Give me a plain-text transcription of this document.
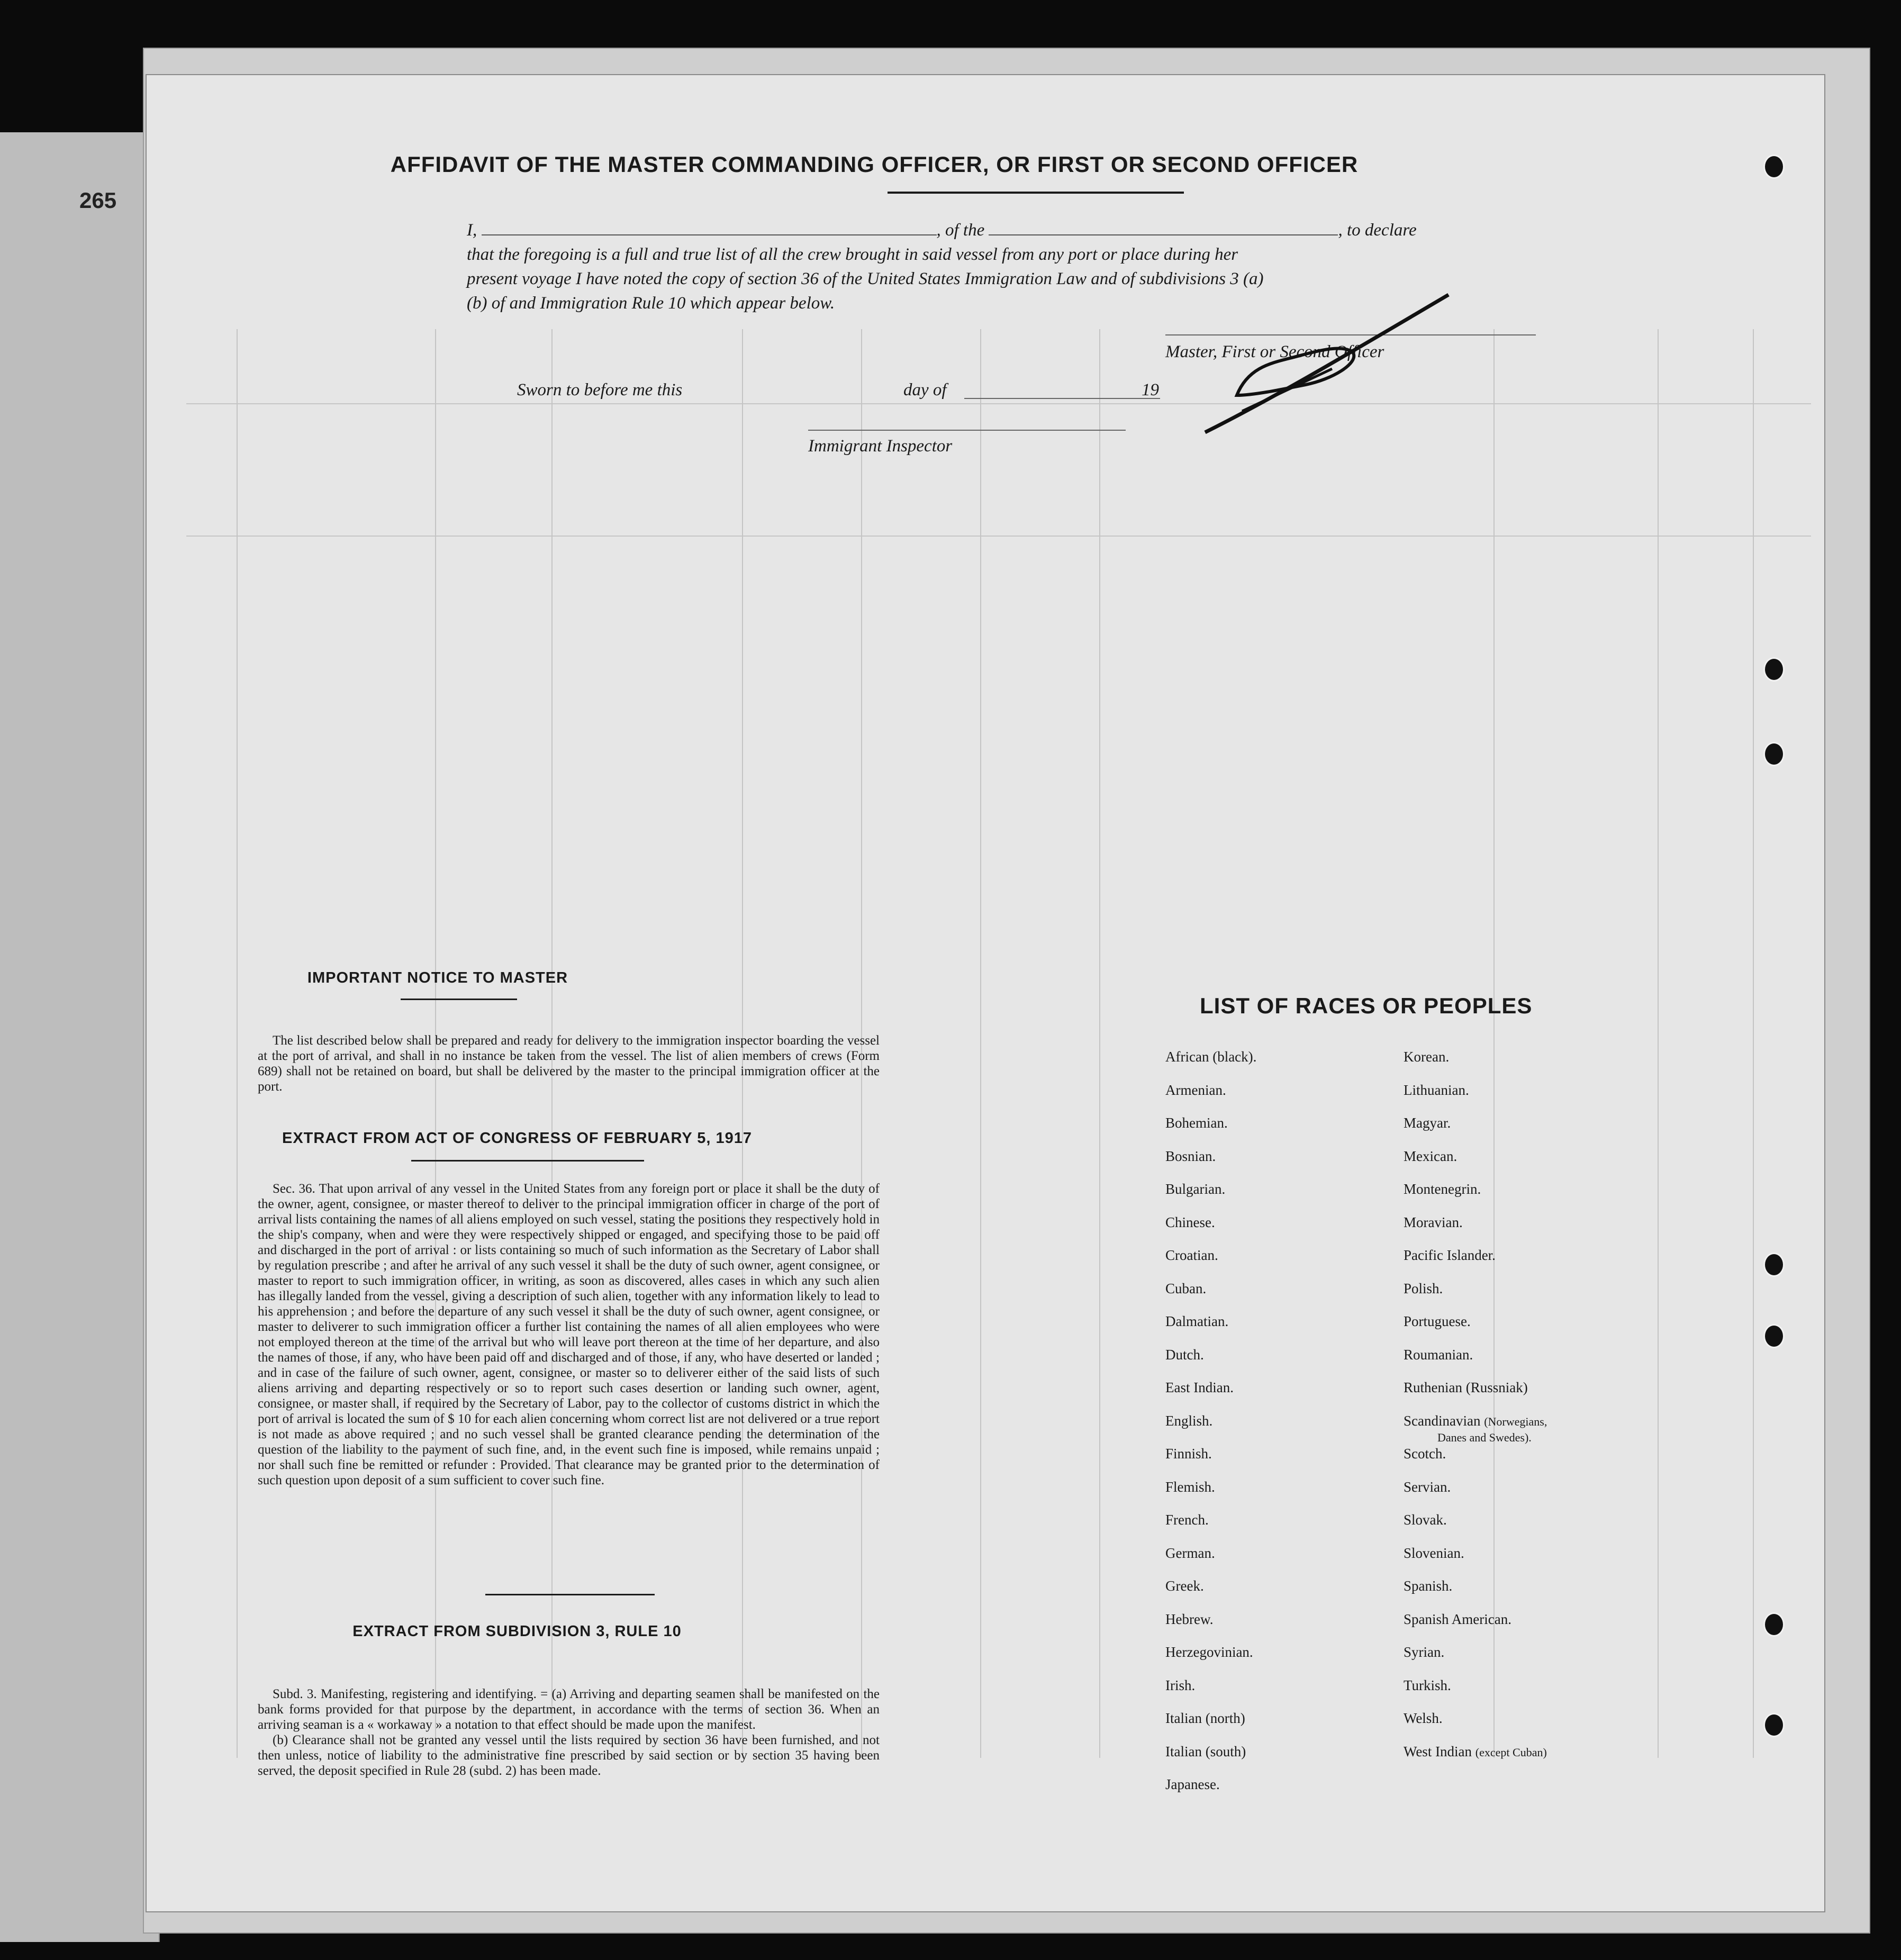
265
AFFIDAVIT OF THE MASTER COMMANDING OFFICER, OR FIRST OR SECOND OFFICER

I,	, of the	, to declare

that the foregoing is a full and true list of all the crew brought in said vessel from any port or place during her

present voyage I have noted the copy of section 36 of the United States Immigration Law and of subdivisions 3 (a)

(b) of and Immigration Rule 10 which appear below.

Master, First or Second Officer
Sworn to before me this	day of	19
Immigrant Inspector
IMPORTANT NOTICE TO MASTER

The list described below shall be prepared and ready for delivery to the immigration inspector boarding the vessel at the port of arrival, and shall in no instance be taken from the vessel. The list of alien members of crews (Form 689) shall not be retained on board, but shall be delivered by the master to the principal immigration officer at the port.

EXTRACT FROM ACT OF CONGRESS OF FEBRUARY 5, 1917

Sec. 36. That upon arrival of any vessel in the United States from any foreign port or place it shall be the duty of the owner, agent, consignee, or master thereof to deliver to the principal immigration officer in charge of the port of arrival lists containing the names of all aliens employed on such vessel, stating the positions they respectively hold in the ship's company, when and were they were respectively shipped or engaged, and specifying those to be paid off and discharged in the port of arrival : or lists containing so much of such information as the Secretary of Labor shall by regulation prescribe ; and after he arrival of any such vessel it shall be the duty of such owner, agent consignee, or master to report to such immigration officer, in writing, as soon as discovered, alles cases in which any such alien has illegally landed from the vessel, giving a description of such alien, together with any information likely to lead to his apprehension ; and before the departure of any such vessel it shall be the duty of such owner, agent consignee, or master to deliverer to such immigration officer a further list containing the names of all alien employees who were not employed thereon at the time of the arrival but who will leave port thereon at the time of her departure, and also the names of those, if any, who have been paid off and discharged and of those, if any, who have deserted or landed ; and in case of the failure of such owner, agent, consignee, or master so to deliverer either of the said lists of such aliens arriving and departing respectively or so to report such cases desertion or landing such owner, agent, consignee, or master shall, if required by the Secretary of Labor, pay to the collector of customs district in which the port of arrival is located the sum of $ 10 for each alien concerning whom correct list are not delivered or a true report is not made as above required ; and no such vessel shall be granted clearance pending the determination of the question of the liability to the payment of such fine, and, in the event such fine is imposed, while remains unpaid ; nor shall such fine be remitted or refunder : Provided. That clearance may be granted prior to the determination of such question upon deposit of a sum sufficient to cover such fine.

EXTRACT FROM SUBDIVISION 3, RULE 10

Subd. 3. Manifesting, registering and identifying. = (a) Arriving and departing seamen shall be manifested on the bank forms provided for that purpose by the department, in accordance with the terms of section 36. When an arriving seaman is a « workaway » a notation to that effect should be made upon the manifest.

(b) Clearance shall not be granted any vessel until the lists required by section 36 have been furnished, and not then unless, notice of liability to the administrative fine prescribed by said section or by section 35 having been served, the deposit specified in Rule 28 (subd. 2) has been made.

LIST OF RACES OR PEOPLES
African (black).
Armenian.
Bohemian.
Bosnian.
Bulgarian.
Chinese.
Croatian.
Cuban.
Dalmatian.
Dutch.
East Indian.
English.
Finnish.
Flemish.
French.
German.
Greek.
Hebrew.
Herzegovinian.
Irish.
Italian (north)
Italian (south)
Japanese.
Korean.
Lithuanian.
Magyar.
Mexican.
Montenegrin.
Moravian.
Pacific Islander.
Polish.
Portuguese.
Roumanian.
Ruthenian (Russniak)
Scandinavian (Norwegians,
Danes and Swedes).
Scotch.
Servian.
Slovak.
Slovenian.
Spanish.
Spanish American.
Syrian.
Turkish.
Welsh.
West Indian (except Cuban)
